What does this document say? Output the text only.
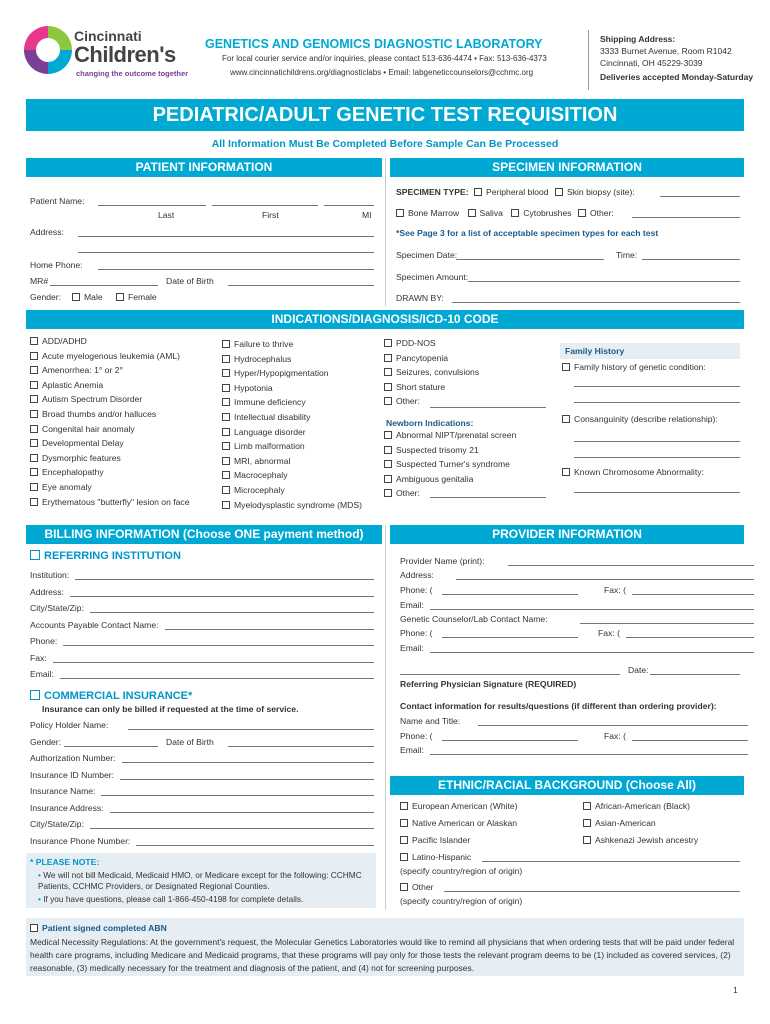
Cincinnati
Children's
changing the outcome together
GENETICS AND GENOMICS DIAGNOSTIC LABORATORY
For local courier service and/or inquiries, please contact 513-636-4474 • Fax: 513-636-4373
www.cincinnatichildrens.org/diagnosticlabs • Email: labgeneticcounselors@cchmc.org
Shipping Address:
3333 Burnet Avenue, Room R1042
Cincinnati, OH 45229-3039
Deliveries accepted Monday-Saturday
PEDIATRIC/ADULT GENETIC TEST REQUISITION
All Information Must Be Completed Before Sample Can Be Processed
PATIENT INFORMATION
Patient Name:
Last	First	MI
Address:
Home Phone:
MR#	Date of Birth
Gender:	Male	Female
SPECIMEN INFORMATION
SPECIMEN TYPE: Peripheral blood Skin biopsy (site):
Bone Marrow Saliva Cytobrushes Other:
*See Page 3 for a list of acceptable specimen types for each test
Specimen Date:	Time:
Specimen Amount:
DRAWN BY:
INDICATIONS/DIAGNOSIS/ICD-10 CODE
ADD/ADHD
Acute myelogenous leukemia (AML)
Amenorrhea: 1° or 2°
Aplastic Anemia
Autism Spectrum Disorder
Broad thumbs and/or halluces
Congenital hair anomaly
Developmental Delay
Dysmorphic features
Encephalopathy
Eye anomaly
Erythematous "butterfly" lesion on face
Failure to thrive
Hydrocephalus
Hyper/Hypopigmentation
Hypotonia
Immune deficiency
Intellectual disability
Language disorder
Limb malformation
MRI, abnormal
Macrocephaly
Microcephaly
Myelodysplastic syndrome (MDS)
PDD-NOS
Pancytopenia
Seizures, convulsions
Short stature
Other:
Newborn Indications:
Abnormal NIPT/prenatal screen
Suspected trisomy 21
Suspected Turner's syndrome
Ambiguous genitalia
Other:
Family History
Family history of genetic condition:
Consanguinity (describe relationship):
Known Chromosome Abnormality:
BILLING INFORMATION (Choose ONE payment method)
REFERRING INSTITUTION
Institution:
Address:
City/State/Zip:
Accounts Payable Contact Name:
Phone:
Fax:
Email:
COMMERCIAL INSURANCE*
Insurance can only be billed if requested at the time of service.
Policy Holder Name:
Gender:	Date of Birth
Authorization Number:
Insurance ID Number:
Insurance Name:
Insurance Address:
City/State/Zip:
Insurance Phone Number:
* PLEASE NOTE:
• We will not bill Medicaid, Medicaid HMO, or Medicare except for the following: CCHMC Patients, CCHMC Providers, or Designated Regional Counties.
• If you have questions, please call 1-866-450-4198 for complete details.
PROVIDER INFORMATION
Provider Name (print):
Address:
Phone: (	Fax: (
Email:
Genetic Counselor/Lab Contact Name:
Phone: (	Fax: (
Email:
Date:
Referring Physician Signature (REQUIRED)
Contact information for results/questions (if different than ordering provider):
Name and Title:
Phone: (	Fax: (
Email:
ETHNIC/RACIAL BACKGROUND (Choose All)
European American (White)	African-American (Black)
Native American or Alaskan	Asian-American
Pacific Islander	Ashkenazi Jewish ancestry
Latino-Hispanic
(specify country/region of origin)
Other
(specify country/region of origin)
Patient signed completed ABN
Medical Necessity Regulations: At the government's request, the Molecular Genetics Laboratories would like to remind all physicians that when ordering tests that will be paid under federal health care programs, including Medicare and Medicaid programs, that these programs will pay only for those tests the relevant program deems to be (1) included as covered services, (2) reasonable, (3) medically necessary for the treatment and diagnosis of the patient, and (4) not for screening purposes.
1
